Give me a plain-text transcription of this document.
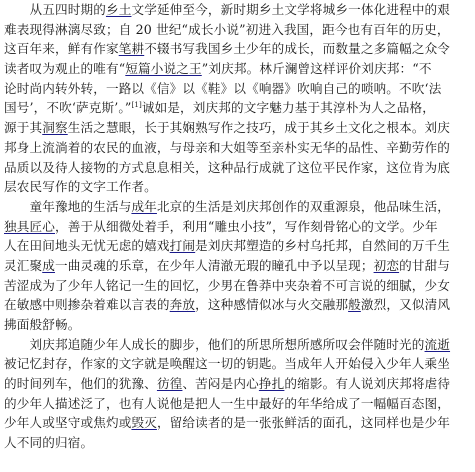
　　从五四时期的乡土文学延伸至今，新时期乡土文学将城乡一体化进程中的艰
难表现得淋漓尽致；自 20 世纪“成长小说”初进入我国，距今也有百年的历史，
这百年来，鲜有作家笔耕不辍书写我国乡土少年的成长，而数量之多篇幅之众令
读者叹为观止的唯有“短篇小说之王”刘庆邦。林斤澜曾这样评价刘庆邦：“不
论时尚内转外转，一路以《信》以《鞋》以《响器》吹响自己的唢呐。不吹‘法
国号’，不吹‘萨克斯’。”[1]诚如是，刘庆邦的文字魅力基于其淳朴为人之品格，
源于其洞察生活之慧眼，长于其娴熟写作之技巧，成于其乡土文化之根本。刘庆
邦身上流淌着的农民的血液，与母亲和大姐等至亲朴实无华的品性、辛勤劳作的
品质以及待人接物的方式息息相关，这种品行成就了这位平民作家，这位肯为底
层农民写作的文字工作者。
　　童年豫地的生活与成年北京的生活是刘庆邦创作的双重源泉，他品味生活，
独具匠心，善于从细微处着手，利用“雕虫小技”，写作刻骨铭心的文学。少年
人在田间地头无忧无虑的嬉戏打闹是刘庆邦塑造的乡村乌托邦，自然间的万千生
灵汇聚成一曲灵魂的乐章，在少年人清澈无瑕的瞳孔中予以呈现；初恋的甘甜与
苦涩成为了少年人铭记一生的回忆，少男在鲁莽中夹杂着不可言说的细腻，少女
在敏感中则掺杂着难以言表的奔放，这种感情似冰与火交融那般激烈，又似清风
拂面般舒畅。
　　刘庆邦追随少年人成长的脚步，他们的所思所想所感所叹会伴随时光的流逝
被记忆封存，作家的文字就是唤醒这一切的钥匙。当成年人开始侵入少年人乘坐
的时间列车，他们的犹豫、彷徨、苦闷是内心挣扎的缩影。有人说刘庆邦将虐待
的少年人描述泛了，也有人说他是把人一生中最好的年华给成了一幅幅百态图，
少年人或坚守或焦灼或毁灭，留给读者的是一张张鲜活的面孔，这同样也是少年
人不同的归宿。
